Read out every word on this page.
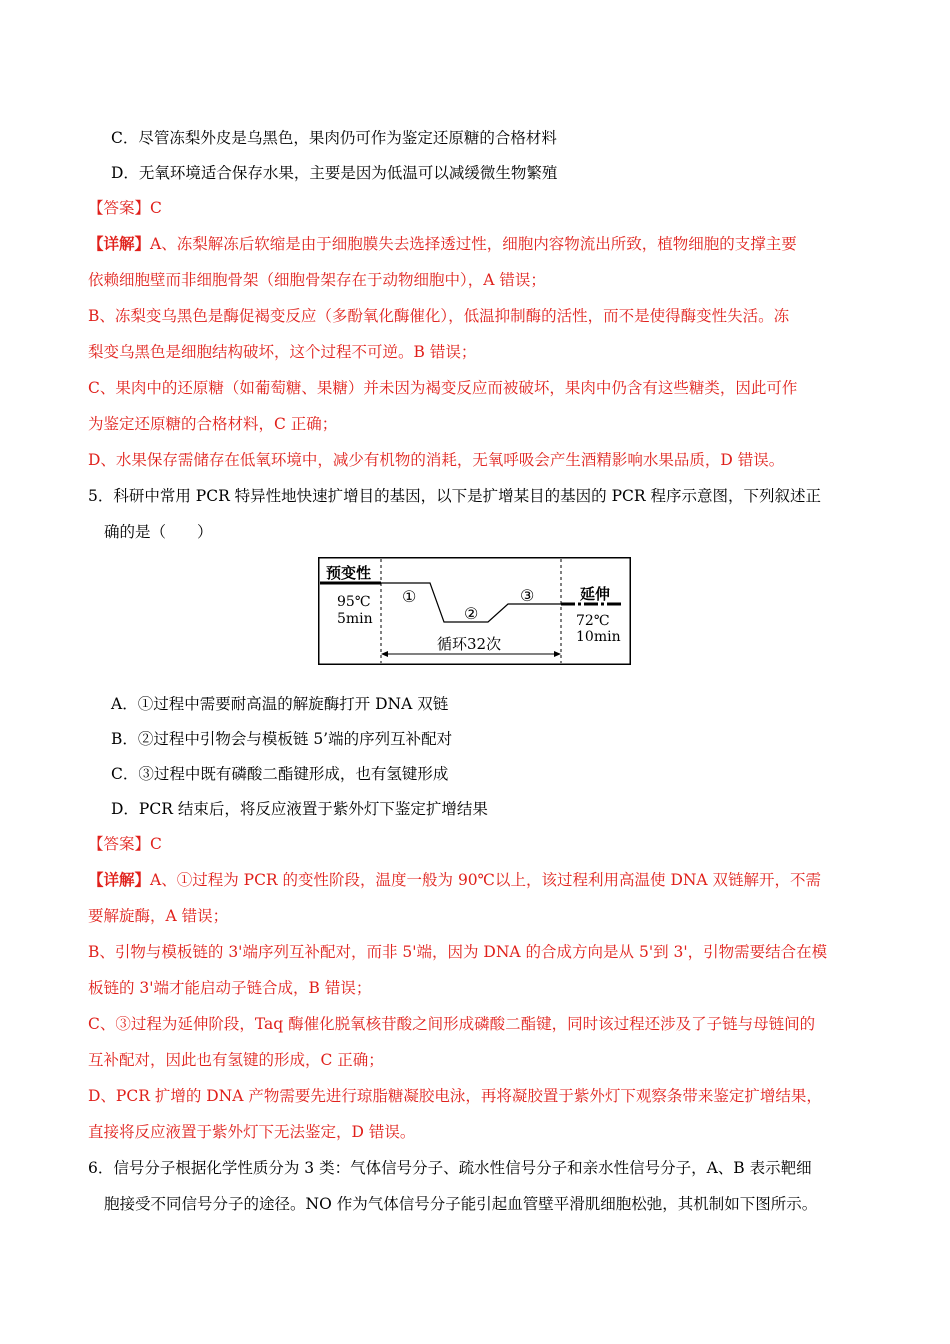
C．尽管冻梨外皮是乌黑色，果肉仍可作为鉴定还原糖的合格材料
D．无氧环境适合保存水果，主要是因为低温可以减缓微生物繁殖
【答案】C
【详解】A、冻梨解冻后软缩是由于细胞膜失去选择透过性，细胞内容物流出所致，植物细胞的支撑主要
依赖细胞壁而非细胞骨架（细胞骨架存在于动物细胞中），A 错误；
B、冻梨变乌黑色是酶促褐变反应（多酚氧化酶催化），低温抑制酶的活性，而不是使得酶变性失活。冻
梨变乌黑色是细胞结构破坏，这个过程不可逆。B 错误；
C、果肉中的还原糖（如葡萄糖、果糖）并未因为褐变反应而被破坏，果肉中仍含有这些糖类，因此可作
为鉴定还原糖的合格材料，C 正确；
D、水果保存需储存在低氧环境中，减少有机物的消耗，无氧呼吸会产生酒精影响水果品质，D 错误。
5．科研中常用 PCR 特异性地快速扩增目的基因，以下是扩增某目的基因的 PCR 程序示意图，下列叙述正
确的是（　　）
预变性
95℃
5min
①
②
③	延伸
72℃
10min
循环32次
A．①过程中需要耐高温的解旋酶打开 DNA 双链
B．②过程中引物会与模板链 5’端的序列互补配对
C．③过程中既有磷酸二酯键形成，也有氢键形成
D．PCR 结束后，将反应液置于紫外灯下鉴定扩增结果
【答案】C
【详解】A、①过程为 PCR 的变性阶段，温度一般为 90℃以上，该过程利用高温使 DNA 双链解开，不需
要解旋酶，A 错误；
B、引物与模板链的 3'端序列互补配对，而非 5'端，因为 DNA 的合成方向是从 5'到 3'，引物需要结合在模
板链的 3'端才能启动子链合成，B 错误；
C、③过程为延伸阶段，Taq 酶催化脱氧核苷酸之间形成磷酸二酯键，同时该过程还涉及了子链与母链间的
互补配对，因此也有氢键的形成，C 正确；
D、PCR 扩增的 DNA 产物需要先进行琼脂糖凝胶电泳，再将凝胶置于紫外灯下观察条带来鉴定扩增结果，
直接将反应液置于紫外灯下无法鉴定，D 错误。
6．信号分子根据化学性质分为 3 类：气体信号分子、疏水性信号分子和亲水性信号分子，A、B 表示靶细
胞接受不同信号分子的途径。NO 作为气体信号分子能引起血管壁平滑肌细胞松弛，其机制如下图所示。
